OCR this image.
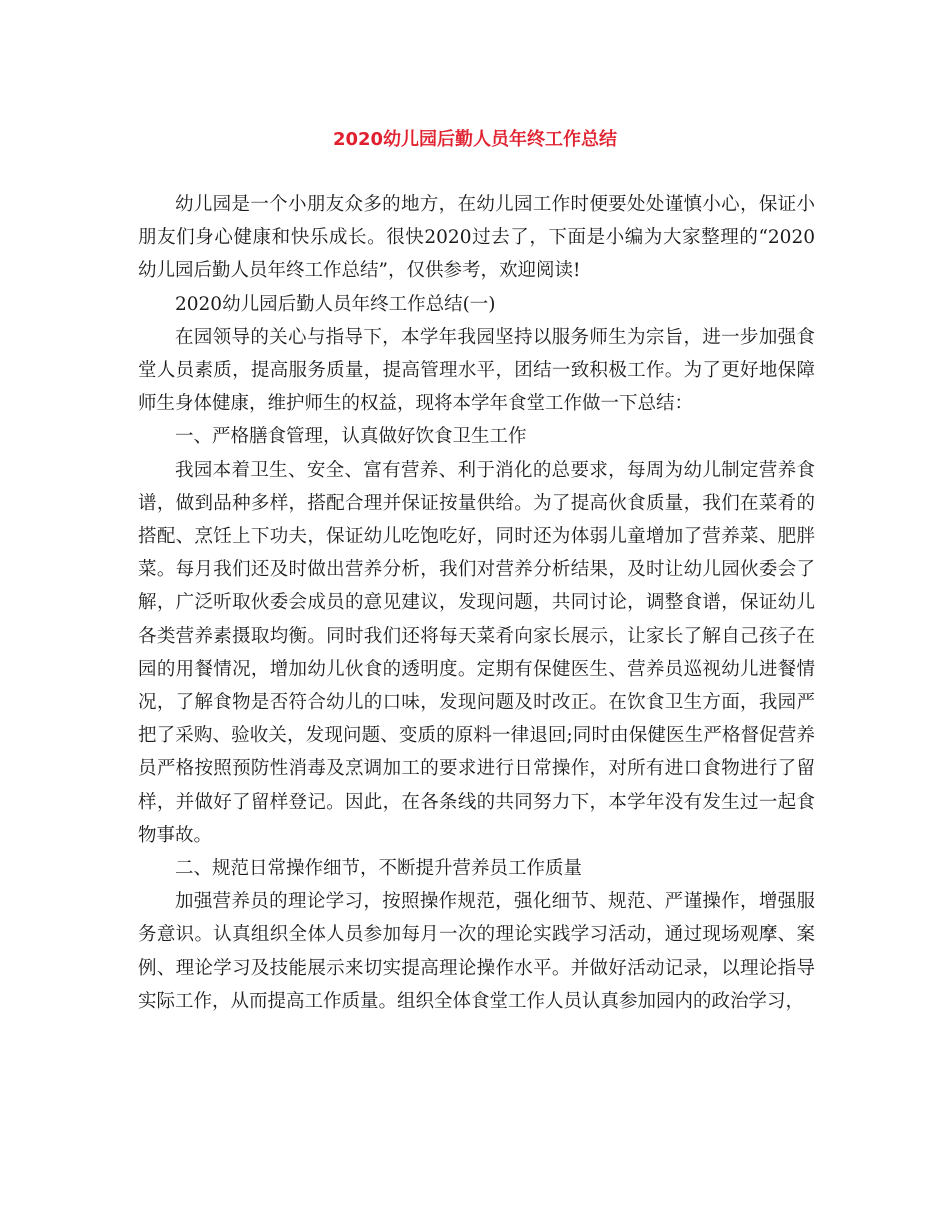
2020幼儿园后勤人员年终工作总结

幼儿园是一个小朋友众多的地方，在幼儿园工作时便要处处谨慎小心，保证小朋友们身心健康和快乐成长。很快2020过去了，下面是小编为大家整理的“2020幼儿园后勤人员年终工作总结”，仅供参考，欢迎阅读!

2020幼儿园后勤人员年终工作总结(一)

在园领导的关心与指导下，本学年我园坚持以服务师生为宗旨，进一步加强食堂人员素质，提高服务质量，提高管理水平，团结一致积极工作。为了更好地保障师生身体健康，维护师生的权益，现将本学年食堂工作做一下总结：

一、严格膳食管理，认真做好饮食卫生工作

我园本着卫生、安全、富有营养、利于消化的总要求，每周为幼儿制定营养食谱，做到品种多样，搭配合理并保证按量供给。为了提高伙食质量，我们在菜肴的搭配、烹饪上下功夫，保证幼儿吃饱吃好，同时还为体弱儿童增加了营养菜、肥胖菜。每月我们还及时做出营养分析，我们对营养分析结果，及时让幼儿园伙委会了解，广泛听取伙委会成员的意见建议，发现问题，共同讨论，调整食谱，保证幼儿各类营养素摄取均衡。同时我们还将每天菜肴向家长展示，让家长了解自己孩子在园的用餐情况，增加幼儿伙食的透明度。定期有保健医生、营养员巡视幼儿进餐情况，了解食物是否符合幼儿的口味，发现问题及时改正。在饮食卫生方面，我园严把了采购、验收关，发现问题、变质的原料一律退回;同时由保健医生严格督促营养员严格按照预防性消毒及烹调加工的要求进行日常操作，对所有进口食物进行了留样，并做好了留样登记。因此，在各条线的共同努力下，本学年没有发生过一起食物事故。

二、规范日常操作细节，不断提升营养员工作质量

加强营养员的理论学习，按照操作规范，强化细节、规范、严谨操作，增强服务意识。认真组织全体人员参加每月一次的理论实践学习活动，通过现场观摩、案例、理论学习及技能展示来切实提高理论操作水平。并做好活动记录，以理论指导实际工作，从而提高工作质量。组织全体食堂工作人员认真参加园内的政治学习，
